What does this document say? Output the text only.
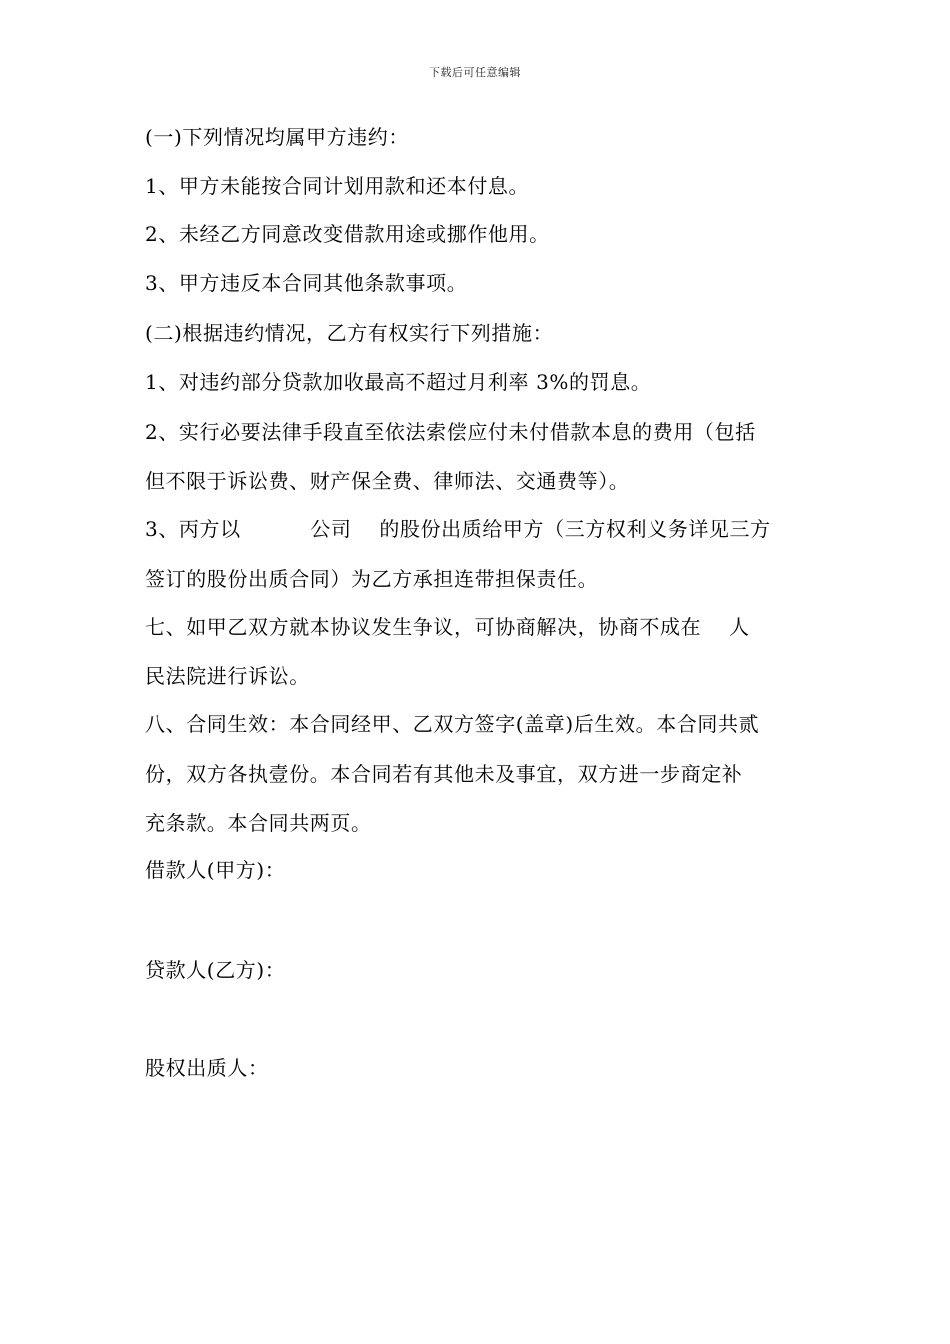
下载后可任意编辑
(一)下列情况均属甲方违约：
1、甲方未能按合同计划用款和还本付息。
2、未经乙方同意改变借款用途或挪作他用。
3、甲方违反本合同其他条款事项。
(二)根据违约情况，乙方有权实行下列措施：
1、对违约部分贷款加收最高不超过月利率 3%的罚息。
2、实行必要法律手段直至依法索偿应付未付借款本息的费用（包括
但不限于诉讼费、财产保全费、律师法、交通费等）。
3、丙方以          公司    的股份出质给甲方（三方权利义务详见三方
签订的股份出质合同）为乙方承担连带担保责任。
七、如甲乙双方就本协议发生争议，可协商解决，协商不成在    人
民法院进行诉讼。
八、合同生效：本合同经甲、乙双方签字(盖章)后生效。本合同共贰
份，双方各执壹份。本合同若有其他未及事宜，双方进一步商定补
充条款。本合同共两页。
借款人(甲方)：
贷款人(乙方)：
股权出质人：
